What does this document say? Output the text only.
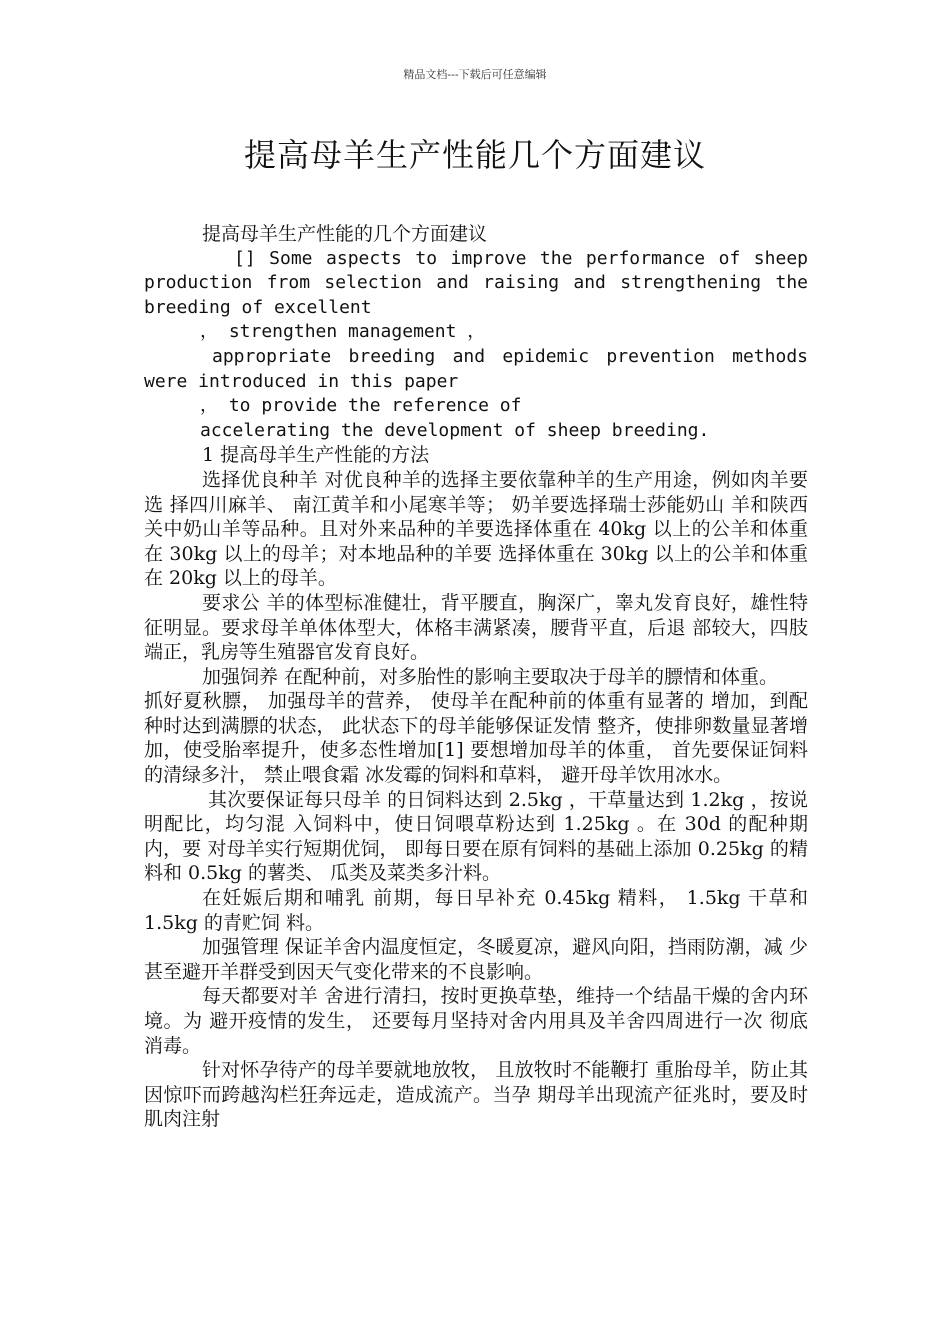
精品文档---下载后可任意编辑
提高母羊生产性能几个方面建议

提高母羊生产性能的几个方面建议

[] Some aspects to improve the performance of sheep production from selection and raising and strengthening the breeding of excellent

， strengthen management ，

appropriate breeding and epidemic prevention methods were introduced in this paper

， to provide the reference of

accelerating the development of sheep breeding.

1 提高母羊生产性能的方法

选择优良种羊 对优良种羊的选择主要依靠种羊的生产用途，例如肉羊要选 择四川麻羊、 南江黄羊和小尾寒羊等； 奶羊要选择瑞士莎能奶山 羊和陕西关中奶山羊等品种。且对外来品种的羊要选择体重在 40kg 以上的公羊和体重在 30kg 以上的母羊；对本地品种的羊要 选择体重在 30kg 以上的公羊和体重在 20kg 以上的母羊。

要求公 羊的体型标准健壮，背平腰直，胸深广，睾丸发育良好，雄性特 征明显。要求母羊单体体型大，体格丰满紧凑，腰背平直，后退 部较大，四肢端正，乳房等生殖器官发育良好。

加强饲养 在配种前，对多胎性的影响主要取决于母羊的膘情和体重。

抓好夏秋膘， 加强母羊的营养， 使母羊在配种前的体重有显著的 增加，到配种时达到满膘的状态， 此状态下的母羊能够保证发情 整齐，使排卵数量显著增加，使受胎率提升，使多态性增加[1] 要想增加母羊的体重， 首先要保证饲料的清绿多汁， 禁止喂食霜 冰发霉的饲料和草料， 避开母羊饮用冰水。

其次要保证每只母羊 的日饲料达到 2.5kg ，干草量达到 1.2kg ，按说明配比，均匀混 入饲料中，使日饲喂草粉达到 1.25kg 。在 30d 的配种期内，要 对母羊实行短期优饲， 即每日要在原有饲料的基础上添加 0.25kg 的精料和 0.5kg 的薯类、 瓜类及菜类多汁料。

在妊娠后期和哺乳 前期，每日早补充 0.45kg 精料， 1.5kg 干草和 1.5kg 的青贮饲 料。

加强管理 保证羊舍内温度恒定，冬暖夏凉，避风向阳，挡雨防潮，减 少甚至避开羊群受到因天气变化带来的不良影响。

每天都要对羊 舍进行清扫，按时更换草垫，维持一个结晶干燥的舍内环境。为 避开疫情的发生， 还要每月坚持对舍内用具及羊舍四周进行一次 彻底消毒。

针对怀孕待产的母羊要就地放牧， 且放牧时不能鞭打 重胎母羊，防止其因惊吓而跨越沟栏狂奔远走，造成流产。当孕 期母羊出现流产征兆时，要及时肌肉注射
